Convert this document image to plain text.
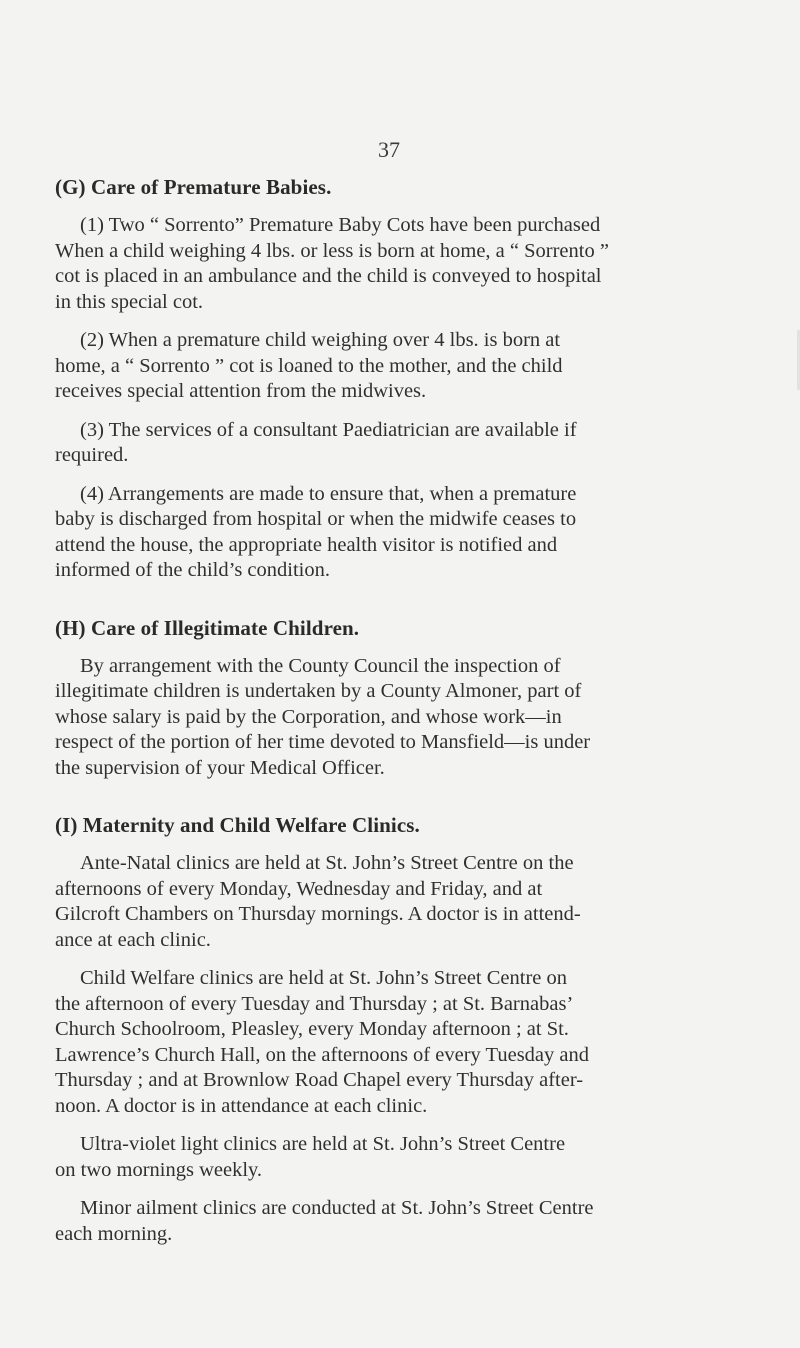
37
(G) Care of Premature Babies.

(1) Two “ Sorrento” Premature Baby Cots have been purchased
When a child weighing 4 lbs. or less is born at home, a “ Sorrento ”
cot is placed in an ambulance and the child is conveyed to hospital
in this special cot.

(2) When a premature child weighing over 4 lbs. is born at
home, a “ Sorrento ” cot is loaned to the mother, and the child
receives special attention from the midwives.

(3) The services of a consultant Paediatrician are available if
required.

(4) Arrangements are made to ensure that, when a premature
baby is discharged from hospital or when the midwife ceases to
attend the house, the appropriate health visitor is notified and
informed of the child’s condition.

(H) Care of Illegitimate Children.

By arrangement with the County Council the inspection of
illegitimate children is undertaken by a County Almoner, part of
whose salary is paid by the Corporation, and whose work—in
respect of the portion of her time devoted to Mansfield—is under
the supervision of your Medical Officer.

(I) Maternity and Child Welfare Clinics.

Ante-Natal clinics are held at St. John’s Street Centre on the
afternoons of every Monday, Wednesday and Friday, and at
Gilcroft Chambers on Thursday mornings. A doctor is in attend-
ance at each clinic.

Child Welfare clinics are held at St. John’s Street Centre on
the afternoon of every Tuesday and Thursday ; at St. Barnabas’
Church Schoolroom, Pleasley, every Monday afternoon ; at St.
Lawrence’s Church Hall, on the afternoons of every Tuesday and
Thursday ; and at Brownlow Road Chapel every Thursday after-
noon. A doctor is in attendance at each clinic.

Ultra-violet light clinics are held at St. John’s Street Centre
on two mornings weekly.

Minor ailment clinics are conducted at St. John’s Street Centre
each morning.
